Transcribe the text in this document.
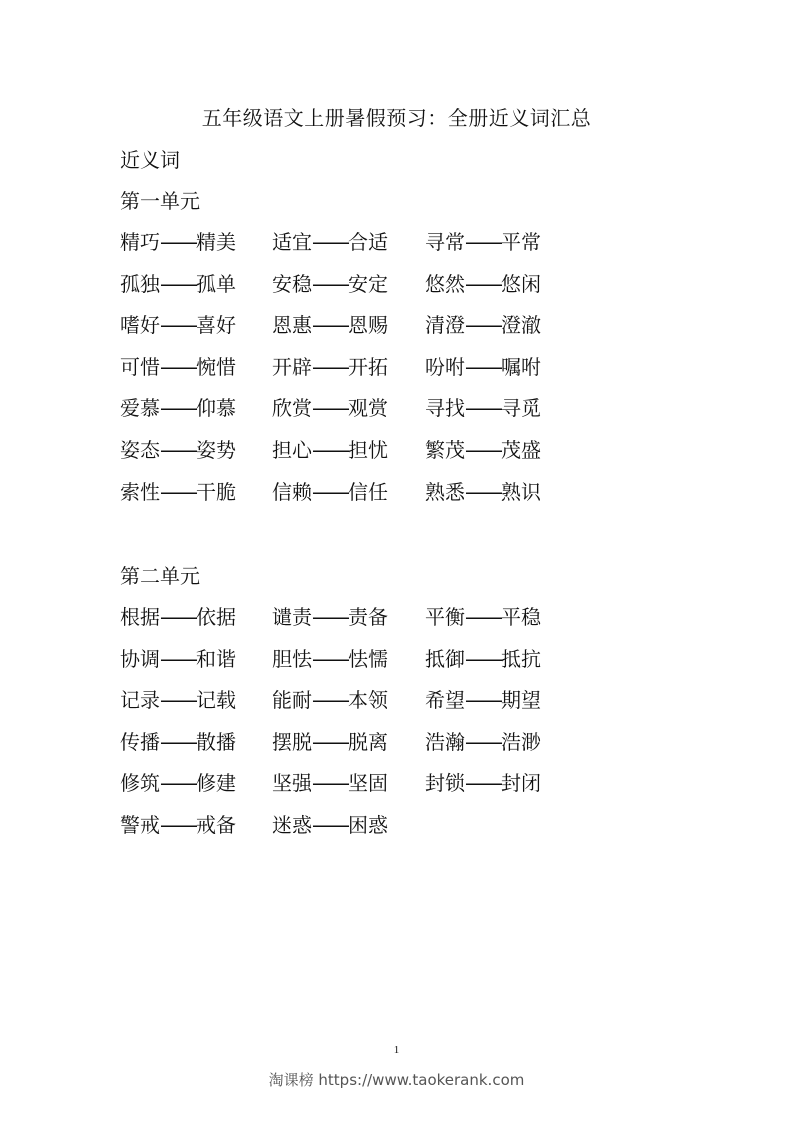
五年级语文上册暑假预习：全册近义词汇总
近义词
第一单元
精巧——精美 适宜——合适 寻常——平常
孤独——孤单 安稳——安定 悠然——悠闲
嗜好——喜好 恩惠——恩赐 清澄——澄澈
可惜——惋惜 开辟——开拓 吩咐——嘱咐
爱慕——仰慕 欣赏——观赏 寻找——寻觅
姿态——姿势 担心——担忧 繁茂——茂盛
索性——干脆 信赖——信任 熟悉——熟识
第二单元
根据——依据 谴责——责备 平衡——平稳
协调——和谐 胆怯——怯懦 抵御——抵抗
记录——记载 能耐——本领 希望——期望
传播——散播 摆脱——脱离 浩瀚——浩渺
修筑——修建 坚强——坚固 封锁——封闭
警戒——戒备 迷惑——困惑
1
淘课榜 https://www.taokerank.com
